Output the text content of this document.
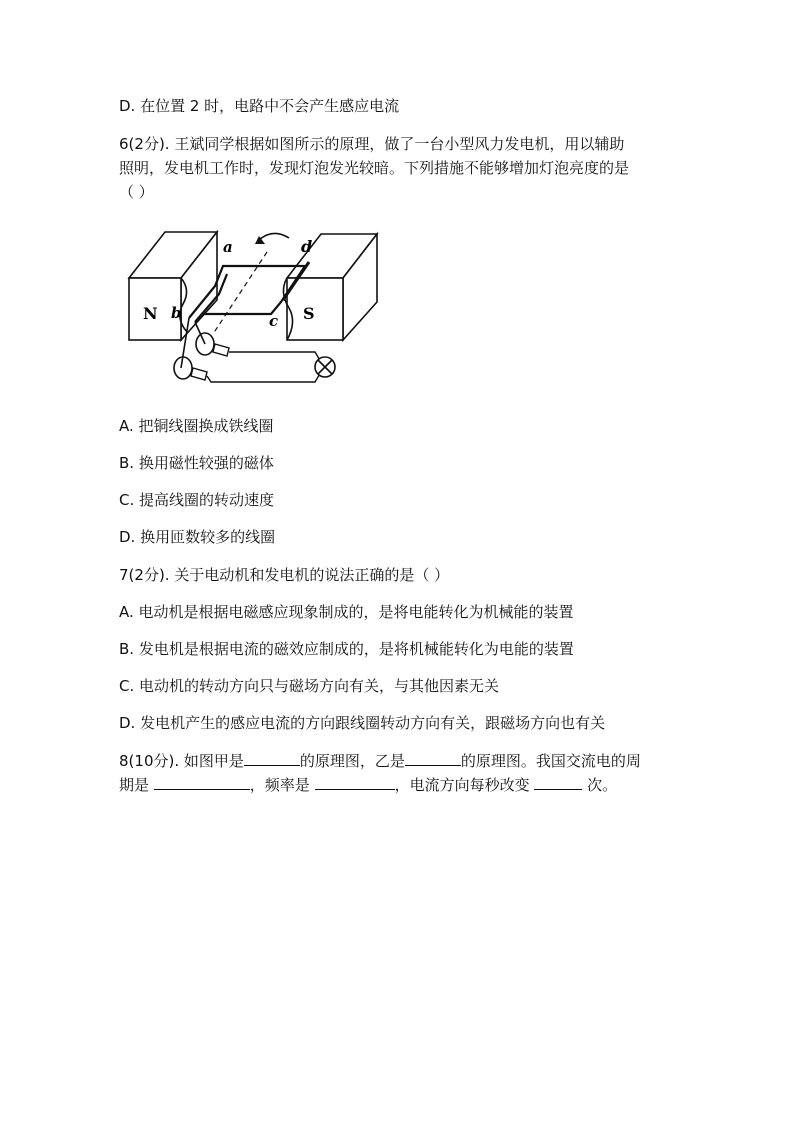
D. 在位置 2 时，电路中不会产生感应电流
6(2分). 王斌同学根据如图所示的原理，做了一台小型风力发电机，用以辅助
照明，发电机工作时，发现灯泡发光较暗。下列措施不能够增加灯泡亮度的是
（ ）
N	S
a
b	c
d
A. 把铜线圈换成铁线圈
B. 换用磁性较强的磁体
C. 提高线圈的转动速度
D. 换用匝数较多的线圈
7(2分). 关于电动机和发电机的说法正确的是（ ）
A. 电动机是根据电磁感应现象制成的，是将电能转化为机械能的装置
B. 发电机是根据电流的磁效应制成的，是将机械能转化为电能的装置
C. 电动机的转动方向只与磁场方向有关，与其他因素无关
D. 发电机产生的感应电流的方向跟线圈转动方向有关，跟磁场方向也有关
8(10分). 如图甲是	的原理图，乙是	的原理图。我国交流电的周
期是	，频率是	，电流方向每秒改变	次。
